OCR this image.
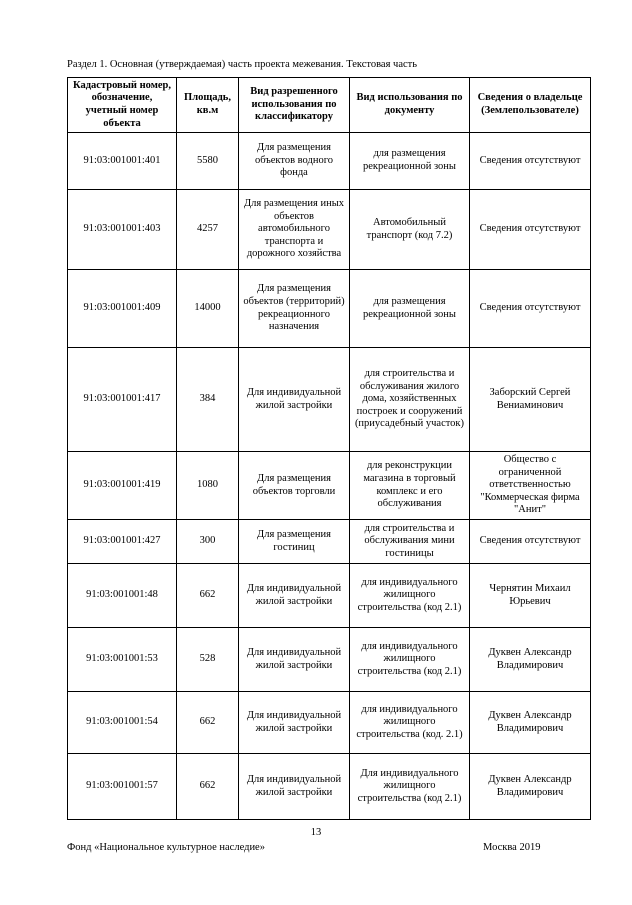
Раздел 1. Основная (утверждаемая) часть проекта межевания. Текстовая часть
Кадастровый номер, обозначение, учетный номер объекта	Площадь, кв.м	Вид разрешенного использования по классификатору	Вид использования по документу	Сведения о владельце (Землепользователе)
91:03:001001:401	5580	Для размещения объектов водного фонда	для размещения рекреационной зоны	Сведения отсутствуют
91:03:001001:403	4257	Для размещения иных объектов автомобильного транспорта и дорожного хозяйства	Автомобильный транспорт (код 7.2)	Сведения отсутствуют
91:03:001001:409	14000	Для размещения объектов (территорий) рекреационного назначения	для размещения рекреационной зоны	Сведения отсутствуют
91:03:001001:417	384	Для индивидуальной жилой застройки	для строительства и обслуживания жилого дома, хозяйственных построек и сооружений (приусадебный участок)	Заборский Сергей Вениаминович
91:03:001001:419	1080	Для размещения объектов торговли	для реконструкции магазина в торговый комплекс и его обслуживания	Общество с ограниченной ответственностью "Коммерческая фирма "Анит"
91:03:001001:427	300	Для размещения гостиниц	для строительства и обслуживания мини гостиницы	Сведения отсутствуют
91:03:001001:48	662	Для индивидуальной жилой застройки	для индивидуального жилищного строительства (код 2.1)	Чернятин Михаил Юрьевич
91:03:001001:53	528	Для индивидуальной жилой застройки	для индивидуального жилищного строительства (код 2.1)	Дуквен Александр Владимирович
91:03:001001:54	662	Для индивидуальной жилой застройки	для индивидуального жилищного строительства (код. 2.1)	Дуквен Александр Владимирович
91:03:001001:57	662	Для индивидуальной жилой застройки	Для индивидуального жилищного строительства (код 2.1)	Дуквен Александр Владимирович
13
Фонд «Национальное культурное наследие»	Москва 2019
